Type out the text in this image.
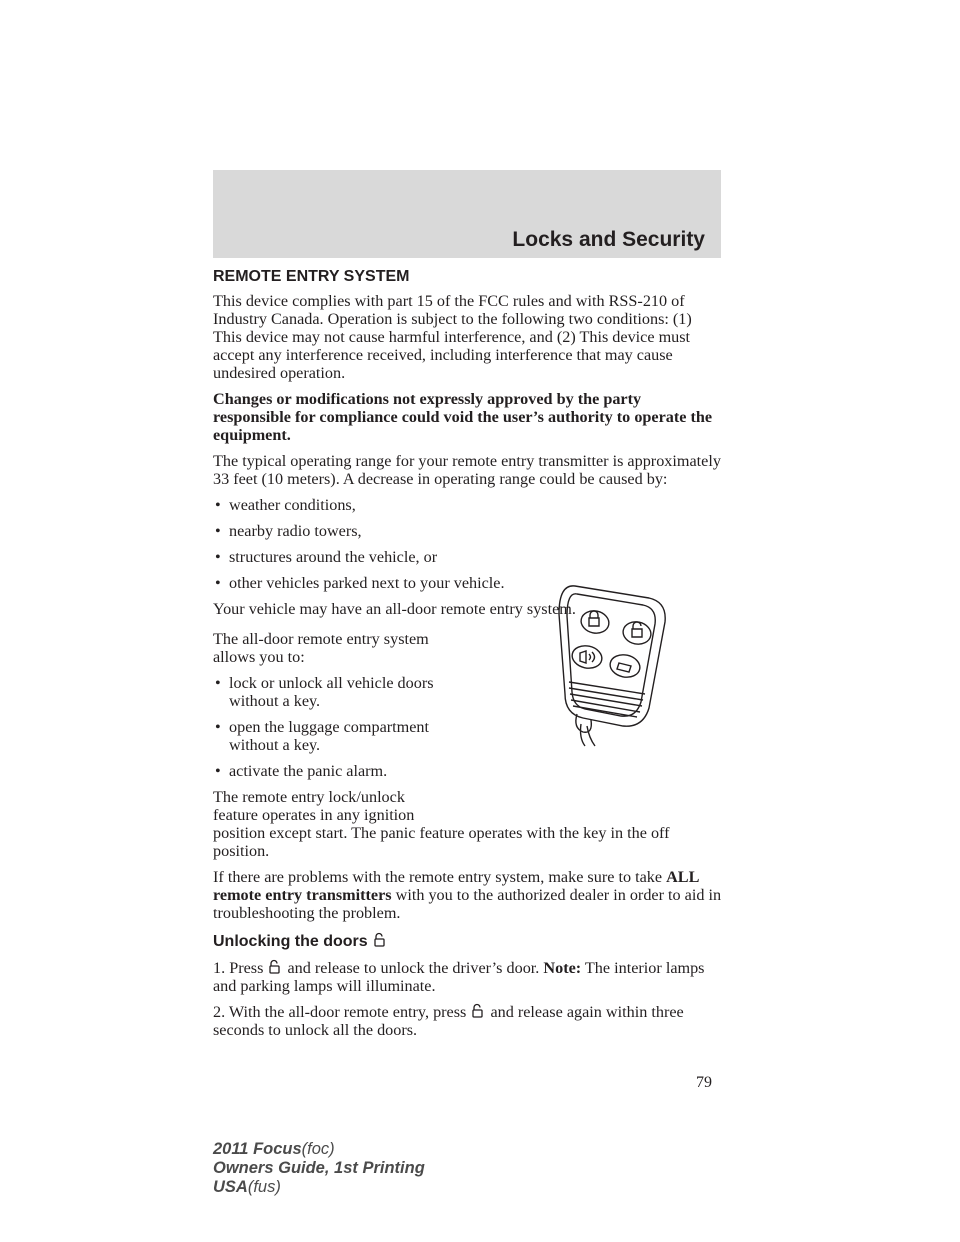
Locks and Security
REMOTE ENTRY SYSTEM

This device complies with part 15 of the FCC rules and with RSS-210 of Industry Canada. Operation is subject to the following two conditions: (1) This device may not cause harmful interference, and (2) This device must accept any interference received, including interference that may cause undesired operation.

Changes or modifications not expressly approved by the party responsible for compliance could void the user’s authority to operate the equipment.

The typical operating range for your remote entry transmitter is approximately 33 feet (10 meters). A decrease in operating range could be caused by:

• weather conditions,
• nearby radio towers,
• structures around the vehicle, or
• other vehicles parked next to your vehicle.

Your vehicle may have an all-door remote entry system.

The all-door remote entry system allows you to:

• lock or unlock all vehicle doors without a key.
• open the luggage compartment without a key.
• activate the panic alarm.
The remote entry lock/unlock feature operates in any ignition

position except start. The panic feature operates with the key in the off position.

If there are problems with the remote entry system, make sure to take ALL remote entry transmitters with you to the authorized dealer in order to aid in troubleshooting the problem.

Unlocking the doors

1. Press  and release to unlock the driver’s door. Note: The interior lamps and parking lamps will illuminate.

2. With the all-door remote entry, press  and release again within three seconds to unlock all the doors.

79
2011 Focus(foc)
Owners Guide, 1st Printing
USA(fus)
